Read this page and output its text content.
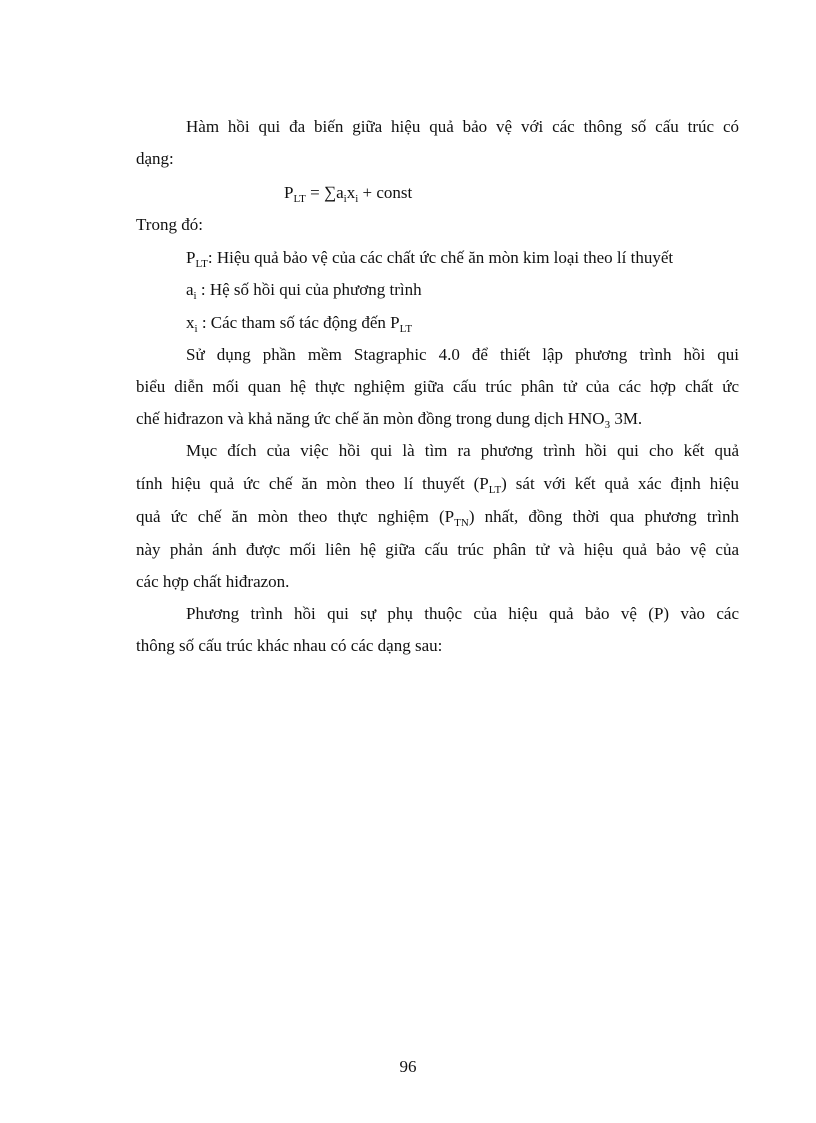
Hàm hồi qui đa biến giữa hiệu quả bảo vệ với các thông số cấu trúc có
dạng:
$P_{LT} = \sum a_ix_i$ + const
Trong đó:
$P_{LT}$: Hiệu quả bảo vệ của các chất ức chế ăn mòn kim loại theo lí thuyết
$a_i$ : Hệ số hồi qui của phương trình
$x_i$ : Các tham số tác động đến $P_{LT}$
Sử dụng phần mềm Stagraphic 4.0 để thiết lập phương trình hồi qui
biểu diễn mối quan hệ thực nghiệm giữa cấu trúc phân tử của các hợp chất ức
chế hiđrazon và khả năng ức chế ăn mòn đồng trong dung dịch $HNO_3$ 3M.
Mục đích của việc hồi qui là tìm ra phương trình hồi qui cho kết quả
tính hiệu quả ức chế ăn mòn theo lí thuyết $(P_{LT})$ sát với kết quả xác định hiệu
quả ức chế ăn mòn theo thực nghiệm $(P_{TN})$ nhất, đồng thời qua phương trình
này phản ánh được mối liên hệ giữa cấu trúc phân tử và hiệu quả bảo vệ của
các hợp chất hiđrazon.
Phương trình hồi qui sự phụ thuộc của hiệu quả bảo vệ (P) vào các
thông số cấu trúc khác nhau có các dạng sau:
96
